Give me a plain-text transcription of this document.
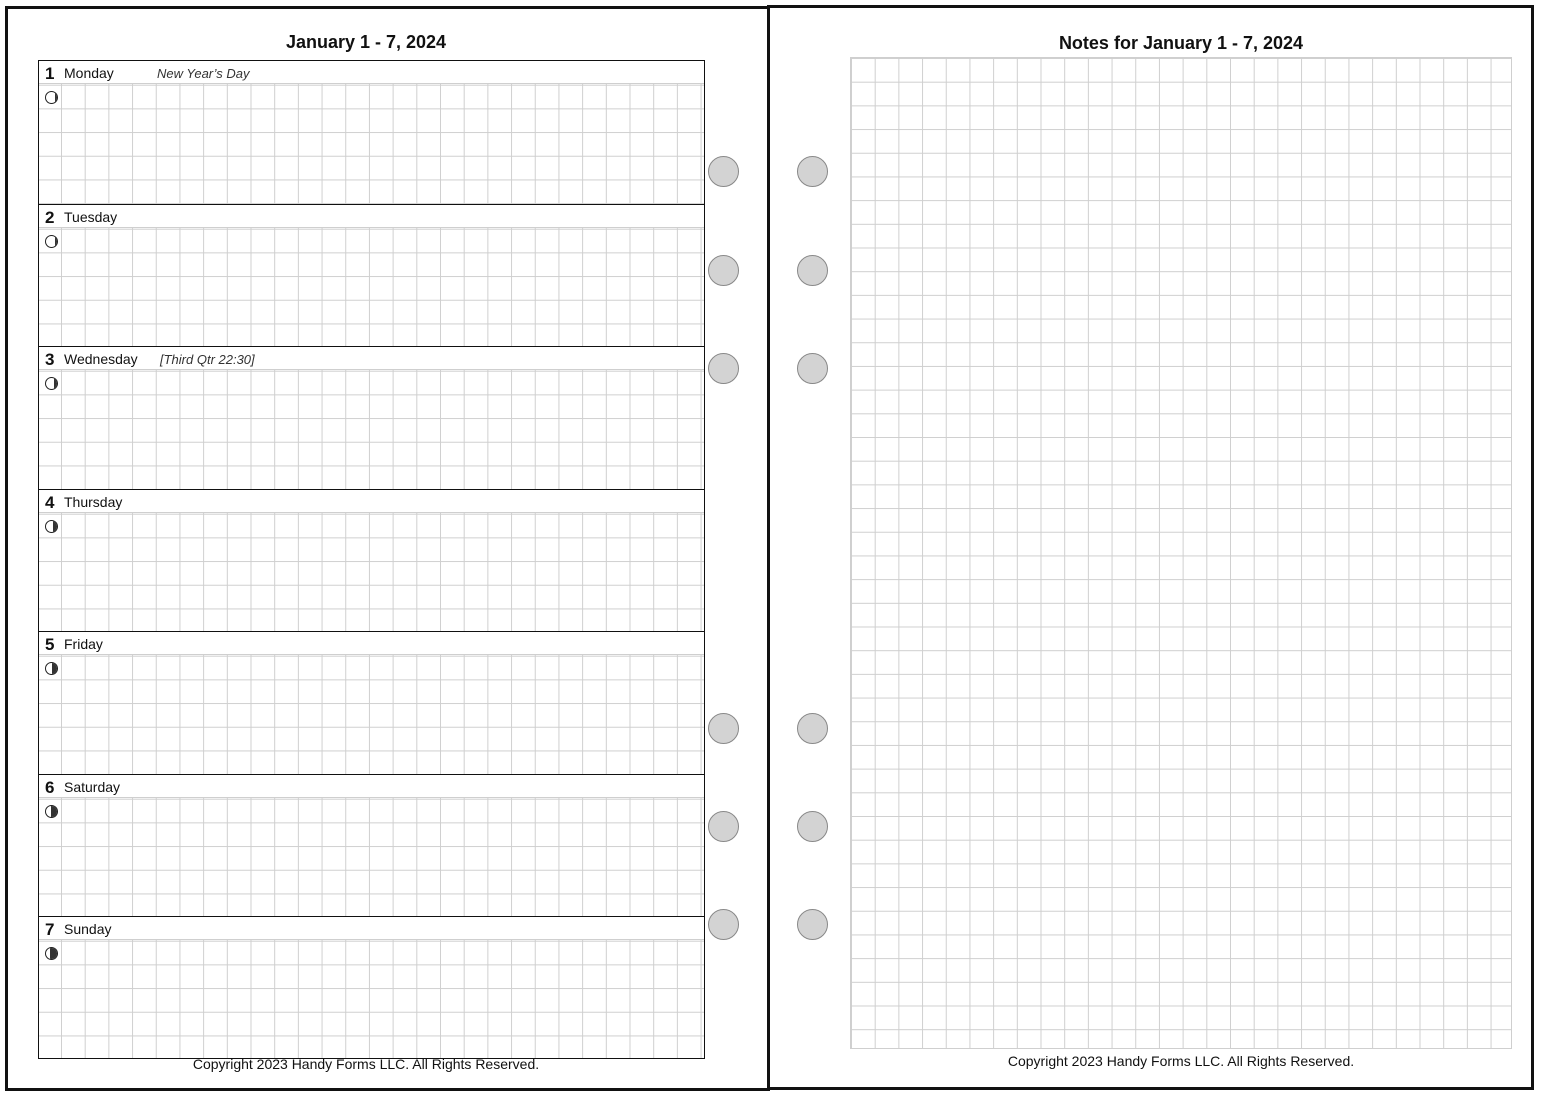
January 1 - 7, 2024
1 Monday	New Year’s Day
2 Tuesday
3 Wednesday [Third Qtr 22:30]
4 Thursday
5 Friday
6 Saturday
7 Sunday
Copyright 2023 Handy Forms LLC. All Rights Reserved.
Notes for January 1 - 7, 2024
Copyright 2023 Handy Forms LLC. All Rights Reserved.
